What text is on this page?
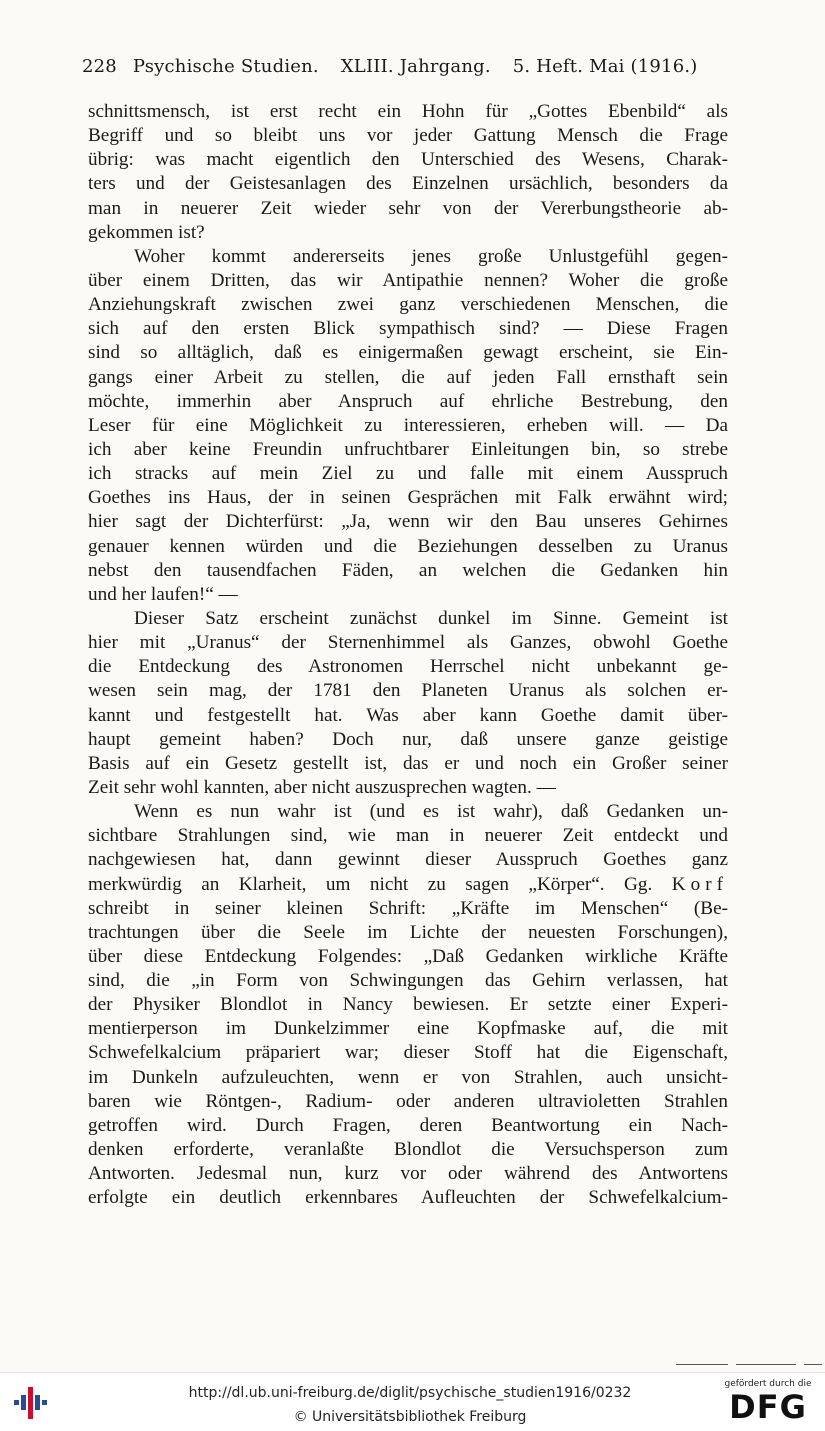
228 Psychische Studien. XLIII. Jahrgang. 5. Heft. Mai (1916.)
schnittsmensch, ist erst recht ein Hohn für „Gottes Ebenbild“ als
Begriff und so bleibt uns vor jeder Gattung Mensch die Frage
übrig: was macht eigentlich den Unterschied des Wesens, Charak-
ters und der Geistesanlagen des Einzelnen ursächlich, besonders da
man in neuerer Zeit wieder sehr von der Vererbungstheorie ab-
gekommen ist?
Woher kommt andererseits jenes große Unlustgefühl gegen-
über einem Dritten, das wir Antipathie nennen? Woher die große
Anziehungskraft zwischen zwei ganz verschiedenen Menschen, die
sich auf den ersten Blick sympathisch sind? — Diese Fragen
sind so alltäglich, daß es einigermaßen gewagt erscheint, sie Ein-
gangs einer Arbeit zu stellen, die auf jeden Fall ernsthaft sein
möchte, immerhin aber Anspruch auf ehrliche Bestrebung, den
Leser für eine Möglichkeit zu interessieren, erheben will. — Da
ich aber keine Freundin unfruchtbarer Einleitungen bin, so strebe
ich stracks auf mein Ziel zu und falle mit einem Ausspruch
Goethes ins Haus, der in seinen Gesprächen mit Falk erwähnt wird;
hier sagt der Dichterfürst: „Ja, wenn wir den Bau unseres Gehirnes
genauer kennen würden und die Beziehungen desselben zu Uranus
nebst den tausendfachen Fäden, an welchen die Gedanken hin
und her laufen!“ —
Dieser Satz erscheint zunächst dunkel im Sinne. Gemeint ist
hier mit „Uranus“ der Sternenhimmel als Ganzes, obwohl Goethe
die Entdeckung des Astronomen Herrschel nicht unbekannt ge-
wesen sein mag, der 1781 den Planeten Uranus als solchen er-
kannt und festgestellt hat. Was aber kann Goethe damit über-
haupt gemeint haben? Doch nur, daß unsere ganze geistige
Basis auf ein Gesetz gestellt ist, das er und noch ein Großer seiner
Zeit sehr wohl kannten, aber nicht auszusprechen wagten. —
Wenn es nun wahr ist (und es ist wahr), daß Gedanken un-
sichtbare Strahlungen sind, wie man in neuerer Zeit entdeckt und
nachgewiesen hat, dann gewinnt dieser Ausspruch Goethes ganz
merkwürdig an Klarheit, um nicht zu sagen „Körper“. Gg. Korf
schreibt in seiner kleinen Schrift: „Kräfte im Menschen“ (Be-
trachtungen über die Seele im Lichte der neuesten Forschungen),
über diese Entdeckung Folgendes: „Daß Gedanken wirkliche Kräfte
sind, die „in Form von Schwingungen das Gehirn verlassen, hat
der Physiker Blondlot in Nancy bewiesen. Er setzte einer Experi-
mentierperson im Dunkelzimmer eine Kopfmaske auf, die mit
Schwefelkalcium präpariert war; dieser Stoff hat die Eigenschaft,
im Dunkeln aufzuleuchten, wenn er von Strahlen, auch unsicht-
baren wie Röntgen-, Radium- oder anderen ultravioletten Strahlen
getroffen wird. Durch Fragen, deren Beantwortung ein Nach-
denken erforderte, veranlaßte Blondlot die Versuchsperson zum
Antworten. Jedesmal nun, kurz vor oder während des Antwortens
erfolgte ein deutlich erkennbares Aufleuchten der Schwefelkalcium-
http://dl.ub.uni-freiburg.de/diglit/psychische_studien1916/0232
© Universitätsbibliothek Freiburg
gefördert durch die
DFG
